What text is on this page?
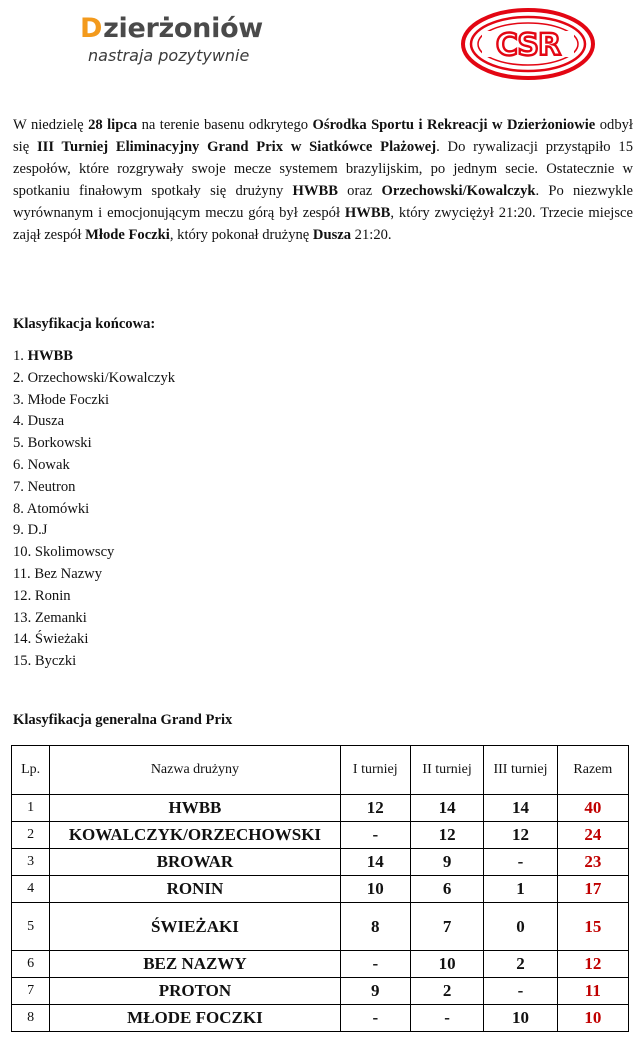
D zierżoniów
nastraja pozytywnie	CSR

W niedzielę 28 lipca na terenie basenu odkrytego Ośrodka Sportu i Rekreacji w Dzierżoniowie odbył się III Turniej Eliminacyjny Grand Prix w Siatkówce Plażowej. Do rywalizacji przystąpiło 15 zespołów, które rozgrywały swoje mecze systemem brazylijskim, po jednym secie. Ostatecznie w spotkaniu finałowym spotkały się drużyny HWBB oraz Orzechowski/Kowalczyk. Po niezwykle wyrównanym i emocjonującym meczu górą był zespół HWBB, który zwyciężył 21:20. Trzecie miejsce zajął zespół Młode Foczki, który pokonał drużynę Dusza 21:20.

Klasyfikacja końcowa:
1. HWBB
2. Orzechowski/Kowalczyk
3. Młode Foczki
4. Dusza
5. Borkowski
6. Nowak
7. Neutron
8. Atomówki
9. D.J
10. Skolimowscy
11. Bez Nazwy
12. Ronin
13. Zemanki
14. Świeżaki
15. Byczki
Klasyfikacja generalna Grand Prix
Lp.	Nazwa drużyny	I turniej	II turniej	III turniej	Razem
1	HWBB	12	14	14	40
2	KOWALCZYK/ORZECHOWSKI	-	12	12	24
3	BROWAR	14	9	-	23
4	RONIN	10	6	1	17
5	ŚWIEŻAKI	8	7	0	15
6	BEZ NAZWY	-	10	2	12
7	PROTON	9	2	-	11
8	MŁODE FOCZKI	-	-	10	10
